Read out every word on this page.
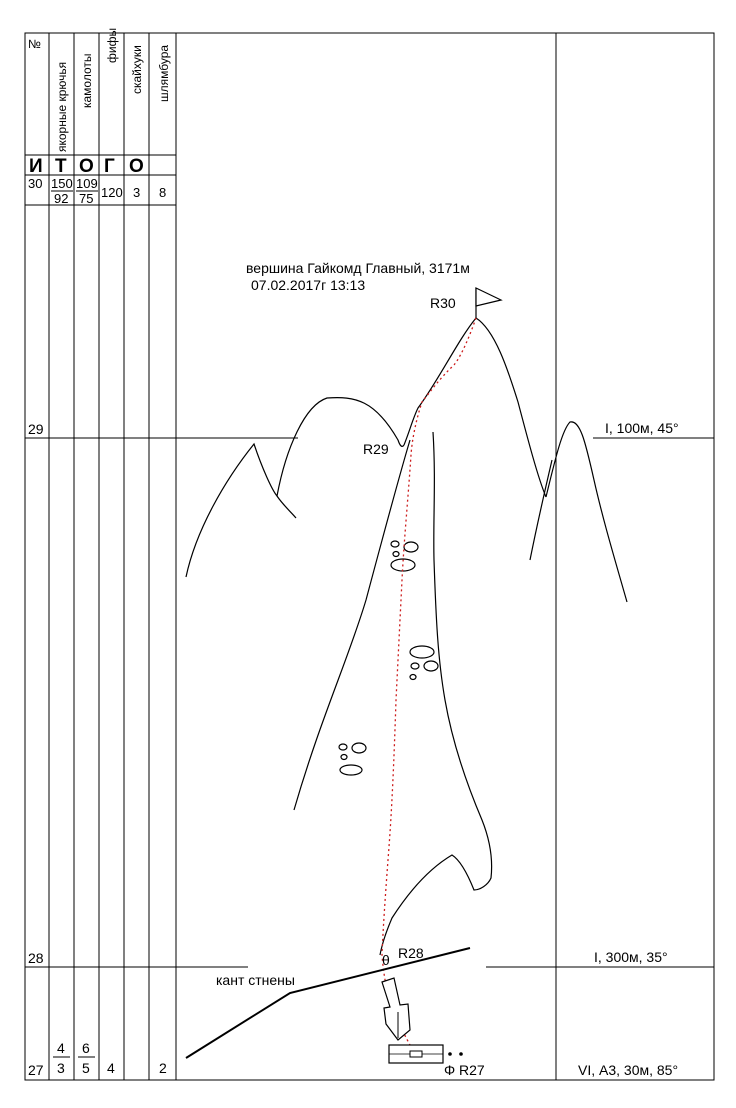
№
якорные крючья камолоты
фифы скайхуки шлямбура
И Т О Г О
30 150
92
109
75 120 3 8
29
28
27
4
3
6
5 4	2
I, 100м, 45°
I, 300м, 35°
VI, А3, 30м, 85°
вершина Гайкомд Главный, 3171м
07.02.2017г 13:13
R30
R29
θ R28
Φ R27
кант стнены
